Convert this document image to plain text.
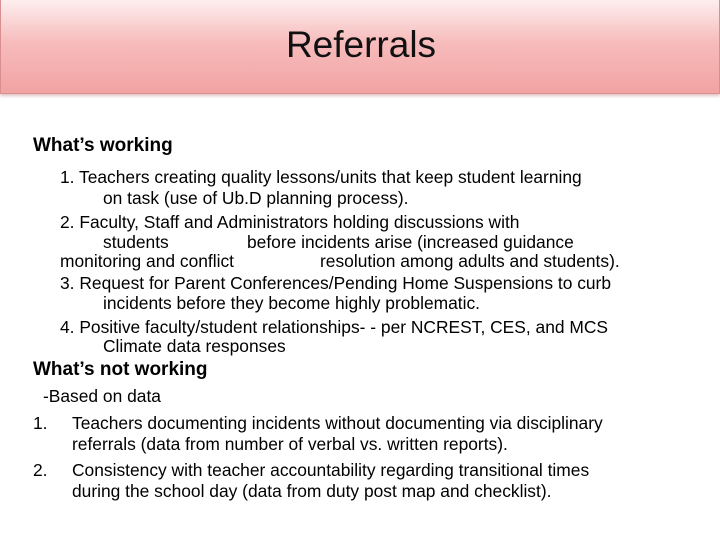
Referrals
What’s working
1. Teachers creating quality lessons/units that keep student learning
on task (use of Ub.D planning process).
2. Faculty, Staff and Administrators holding discussions with
students	before incidents arise (increased guidance
monitoring and conflict	resolution among adults and students).
3. Request for Parent Conferences/Pending Home Suspensions to curb
incidents before they become highly problematic.
4. Positive faculty/student relationships- - per NCREST, CES, and MCS
Climate data responses
What’s not working
-Based on data
1. Teachers documenting incidents without documenting via disciplinary
referrals (data from number of verbal vs. written reports).
2. Consistency with teacher accountability regarding transitional times
during the school day (data from duty post map and checklist).
